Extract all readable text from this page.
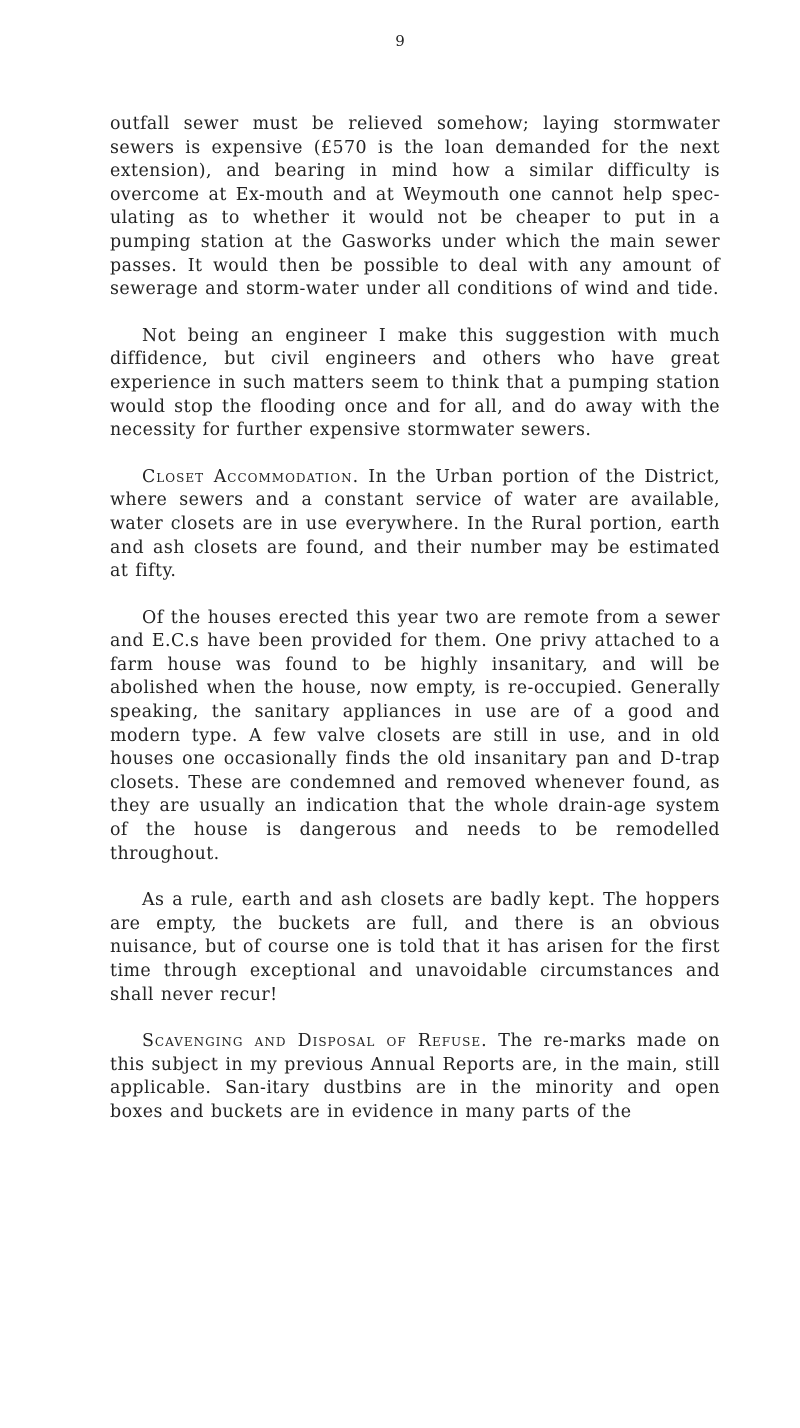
9

outfall sewer must be relieved somehow; laying stormwater sewers is expensive (£570 is the loan demanded for the next extension), and bearing in mind how a similar difficulty is overcome at Ex-mouth and at Weymouth one cannot help spec-ulating as to whether it would not be cheaper to put in a pumping station at the Gasworks under which the main sewer passes. It would then be possible to deal with any amount of sewerage and storm-water under all conditions of wind and tide.

Not being an engineer I make this suggestion with much diffidence, but civil engineers and others who have great experience in such matters seem to think that a pumping station would stop the flooding once and for all, and do away with the necessity for further expensive stormwater sewers.

Closet Accommodation. In the Urban portion of the District, where sewers and a constant service of water are available, water closets are in use everywhere. In the Rural portion, earth and ash closets are found, and their number may be estimated at fifty.

Of the houses erected this year two are remote from a sewer and E.C.s have been provided for them. One privy attached to a farm house was found to be highly insanitary, and will be abolished when the house, now empty, is re-occupied. Generally speaking, the sanitary appliances in use are of a good and modern type. A few valve closets are still in use, and in old houses one occasionally finds the old insanitary pan and D-trap closets. These are condemned and removed whenever found, as they are usually an indication that the whole drain-age system of the house is dangerous and needs to be remodelled throughout.

As a rule, earth and ash closets are badly kept. The hoppers are empty, the buckets are full, and there is an obvious nuisance, but of course one is told that it has arisen for the first time through exceptional and unavoidable circumstances and shall never recur!

Scavenging and Disposal of Refuse. The re-marks made on this subject in my previous Annual Reports are, in the main, still applicable. San-itary dustbins are in the minority and open boxes and buckets are in evidence in many parts of the
